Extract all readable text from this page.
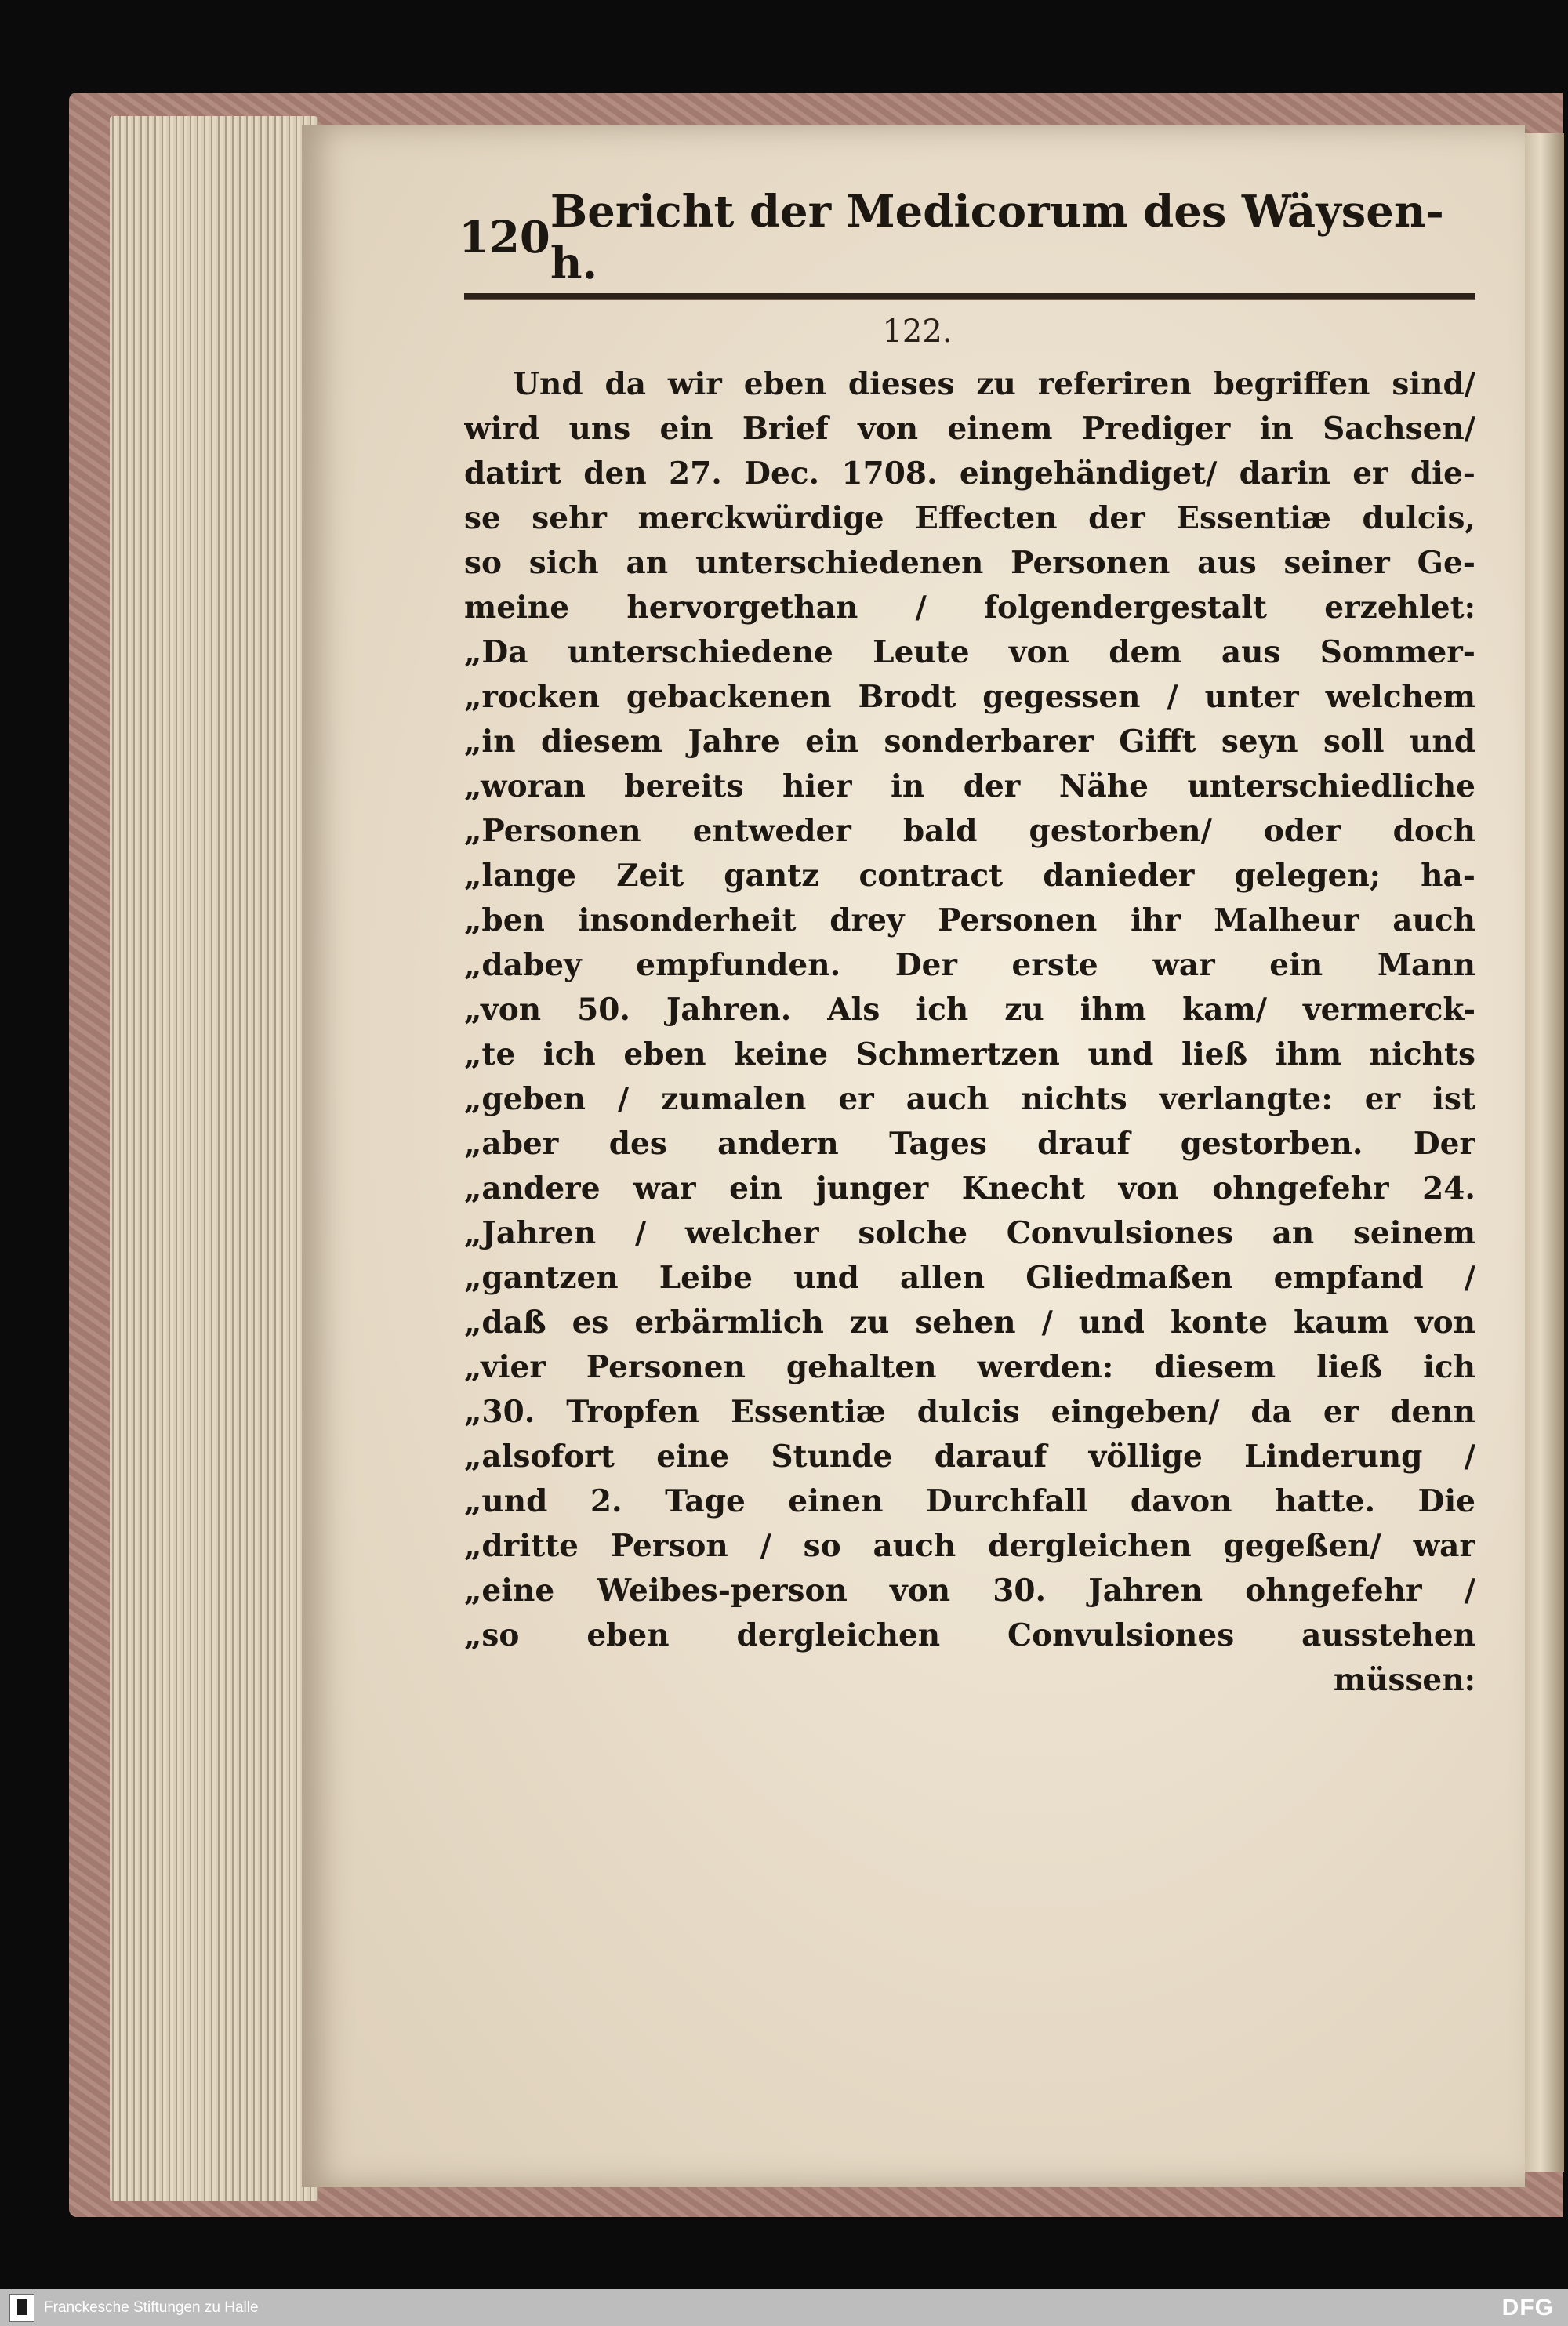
120 Bericht der Medicorum des Wäysen-h.
122.
Und da wir eben dieses zu referiren begriffen sind/
wird uns ein Brief von einem Prediger in Sachsen/
datirt den 27. Dec. 1708. eingehändiget/ darin er die-
se sehr merckwürdige Effecten der Essentiæ dulcis,
so sich an unterschiedenen Personen aus seiner Ge-
meine hervorgethan / folgendergestalt erzehlet:
„Da unterschiedene Leute von dem aus Sommer-
„rocken gebackenen Brodt gegessen / unter welchem
„in diesem Jahre ein sonderbarer Gifft seyn soll und
„woran bereits hier in der Nähe unterschiedliche
„Personen entweder bald gestorben/ oder doch
„lange Zeit gantz contract danieder gelegen; ha-
„ben insonderheit drey Personen ihr Malheur auch
„dabey empfunden. Der erste war ein Mann
„von 50. Jahren. Als ich zu ihm kam/ vermerck-
„te ich eben keine Schmertzen und ließ ihm nichts
„geben / zumalen er auch nichts verlangte: er ist
„aber des andern Tages drauf gestorben. Der
„andere war ein junger Knecht von ohngefehr 24.
„Jahren / welcher solche Convulsiones an seinem
„gantzen Leibe und allen Gliedmaßen empfand /
„daß es erbärmlich zu sehen / und konte kaum von
„vier Personen gehalten werden: diesem ließ ich
„30. Tropfen Essentiæ dulcis eingeben/ da er denn
„alsofort eine Stunde darauf völlige Linderung /
„und 2. Tage einen Durchfall davon hatte. Die
„dritte Person / so auch dergleichen gegeßen/ war
„eine Weibes-person von 30. Jahren ohngefehr /
„so eben dergleichen Convulsiones ausstehen
müssen:
Franckesche Stiftungen zu Halle	DFG
